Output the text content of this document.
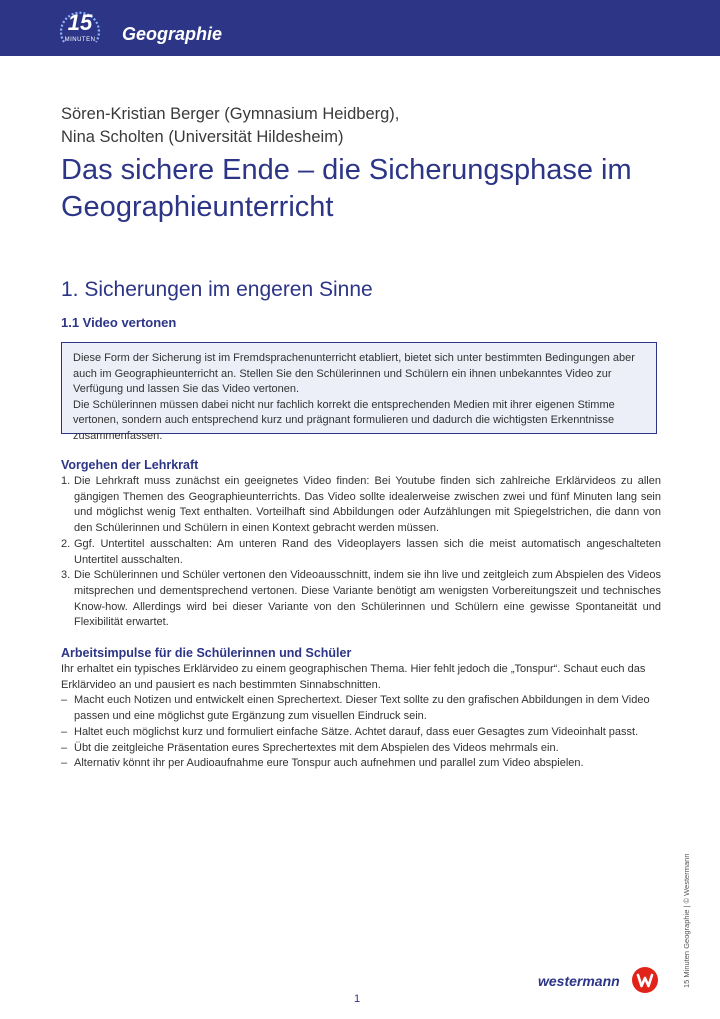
15
MINUTEN	Geographie
Sören-Kristian Berger (Gymnasium Heidberg),
Nina Scholten (Universität Hildesheim)
Das sichere Ende – die Sicherungsphase im Geographieunterricht
1. Sicherungen im engeren Sinne
1.1 Video vertonen

Diese Form der Sicherung ist im Fremdsprachenunterricht etabliert, bietet sich unter bestimmten Bedingungen aber auch im Geographieunterricht an. Stellen Sie den Schülerinnen und Schülern ein ihnen unbekanntes Video zur Verfügung und lassen Sie das Video vertonen.

Die Schülerinnen müssen dabei nicht nur fachlich korrekt die entsprechenden Medien mit ihrer eigenen Stimme vertonen, sondern auch entsprechend kurz und prägnant formulieren und dadurch die wichtigsten Erkenntnisse zusammenfassen.

Vorgehen der Lehrkraft
1. Die Lehrkraft muss zunächst ein geeignetes Video finden: Bei Youtube finden sich zahlreiche Erklärvideos zu allen gängigen Themen des Geographieunterrichts. Das Video sollte idealerweise zwischen zwei und fünf Minuten lang sein und möglichst wenig Text enthalten. Vorteilhaft sind Abbildungen oder Aufzählungen mit Spiegelstrichen, die dann von den Schülerinnen und Schülern in einen Kontext gebracht werden müssen.
2. Ggf. Untertitel ausschalten: Am unteren Rand des Videoplayers lassen sich die meist automatisch angeschalteten Untertitel ausschalten.
3. Die Schülerinnen und Schüler vertonen den Videoausschnitt, indem sie ihn live und zeitgleich zum Abspielen des Videos mitsprechen und dementsprechend vertonen. Diese Variante benötigt am wenigsten Vorbereitungszeit und technisches Know-how. Allerdings wird bei dieser Variante von den Schülerinnen und Schülern eine gewisse Spontaneität und Flexibilität erwartet.
Arbeitsimpulse für die Schülerinnen und Schüler

Ihr erhaltet ein typisches Erklärvideo zu einem geographischen Thema. Hier fehlt jedoch die „Tonspur“. Schaut euch das Erklärvideo an und pausiert es nach bestimmten Sinnabschnitten.

– Macht euch Notizen und entwickelt einen Sprechertext. Dieser Text sollte zu den grafischen Abbildungen in dem Video passen und eine möglichst gute Ergänzung zum visuellen Eindruck sein.
– Haltet euch möglichst kurz und formuliert einfache Sätze. Achtet darauf, dass euer Gesagtes zum Videoinhalt passt.
– Übt die zeitgleiche Präsentation eures Sprechertextes mit dem Abspielen des Videos mehrmals ein.
– Alternativ könnt ihr per Audioaufnahme eure Tonspur auch aufnehmen und parallel zum Video abspielen.
15 Minuten Geographie | © Westermann
westermann
1
